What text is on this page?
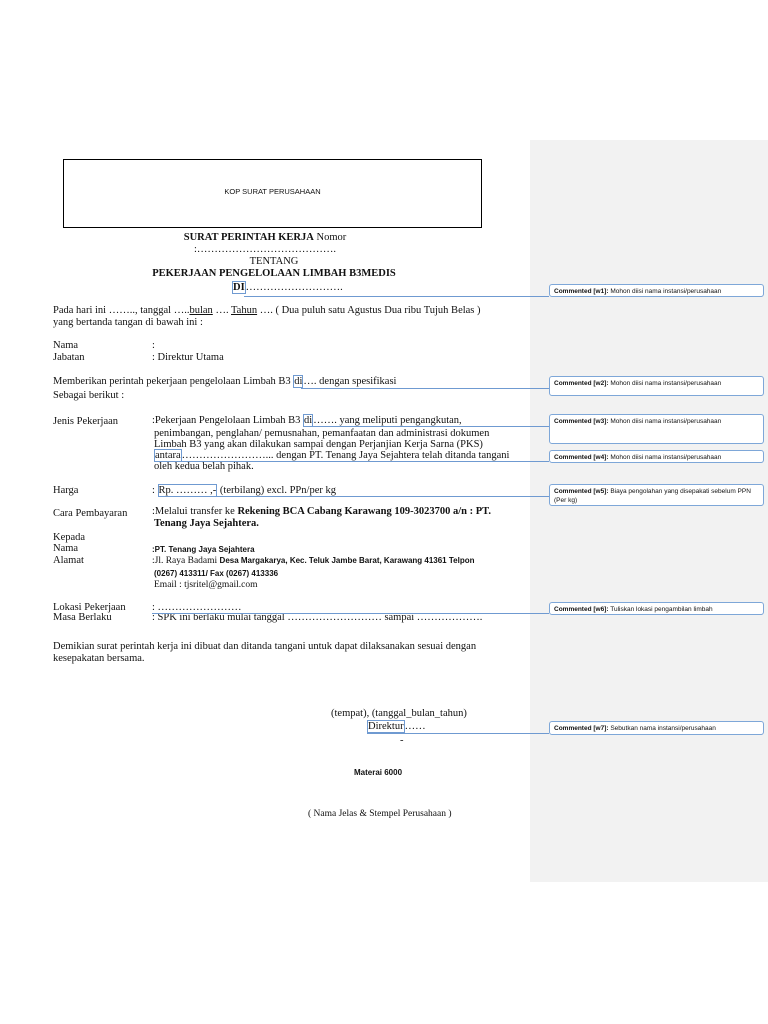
KOP SURAT PERUSAHAAN
SURAT PERINTAH KERJA Nomor
:………………………………….
TENTANG
PEKERJAAN PENGELOLAAN LIMBAH B3MEDIS
DI……………………….
Pada hari ini …….., tanggal …..bulan …. Tahun …. ( Dua puluh satu Agustus Dua ribu Tujuh Belas )
yang bertanda tangan di bawah ini :
Nama	:
Jabatan	: Direktur Utama
Memberikan perintah pekerjaan pengelolaan Limbah B3 di…. dengan spesifikasi
Sebagai berikut :
Jenis Pekerjaan	:Pekerjaan Pengelolaan Limbah B3 di……. yang meliputi pengangkutan,
penimbangan, penglahan/ pemusnahan, pemanfaatan dan administrasi dokumen
Limbah B3 yang akan dilakukan sampai dengan Perjanjian Kerja Sarna (PKS)
antara……………………... dengan PT. Tenang Jaya Sejahtera telah ditanda tangani
oleh kedua belah pihak.
Harga	: Rp. ……… ,- (terbilang) excl. PPn/per kg
Cara Pembayaran :Melalui transfer ke Rekening BCA Cabang Karawang 109-3023700 a/n : PT.
Tenang Jaya Sejahtera.
Kepada
Nama	:PT. Tenang Jaya Sejahtera
Alamat	:Jl. Raya Badami Desa Margakarya, Kec. Teluk Jambe Barat, Karawang 41361 Telpon
(0267) 413311/ Fax (0267) 413336
Email : tjsritel@gmail.com
Lokasi Pekerjaan	: ……………………
Masa Berlaku	: SPK ini berlaku mulai tanggal ……………………… sampai ……………….
Demikian surat perintah kerja ini dibuat dan ditanda tangani untuk dapat dilaksanakan sesuai dengan
kesepakatan bersama.
(tempat), (tanggal_bulan_tahun)
Direktur……
-
Materai 6000
( Nama Jelas & Stempel Perusahaan )
Commented [w1]: Mohon diisi nama instansi/perusahaan
Commented [w2]: Mohon diisi nama instansi/perusahaan
Commented [w3]: Mohon diisi nama instansi/perusahaan
Commented [w4]: Mohon diisi nama instansi/perusahaan
Commented [w5]: Biaya pengolahan yang disepakati sebelum PPN (Per kg)
Commented [w6]: Tuliskan lokasi pengambilan limbah
Commented [w7]: Sebutkan nama instansi/perusahaan
